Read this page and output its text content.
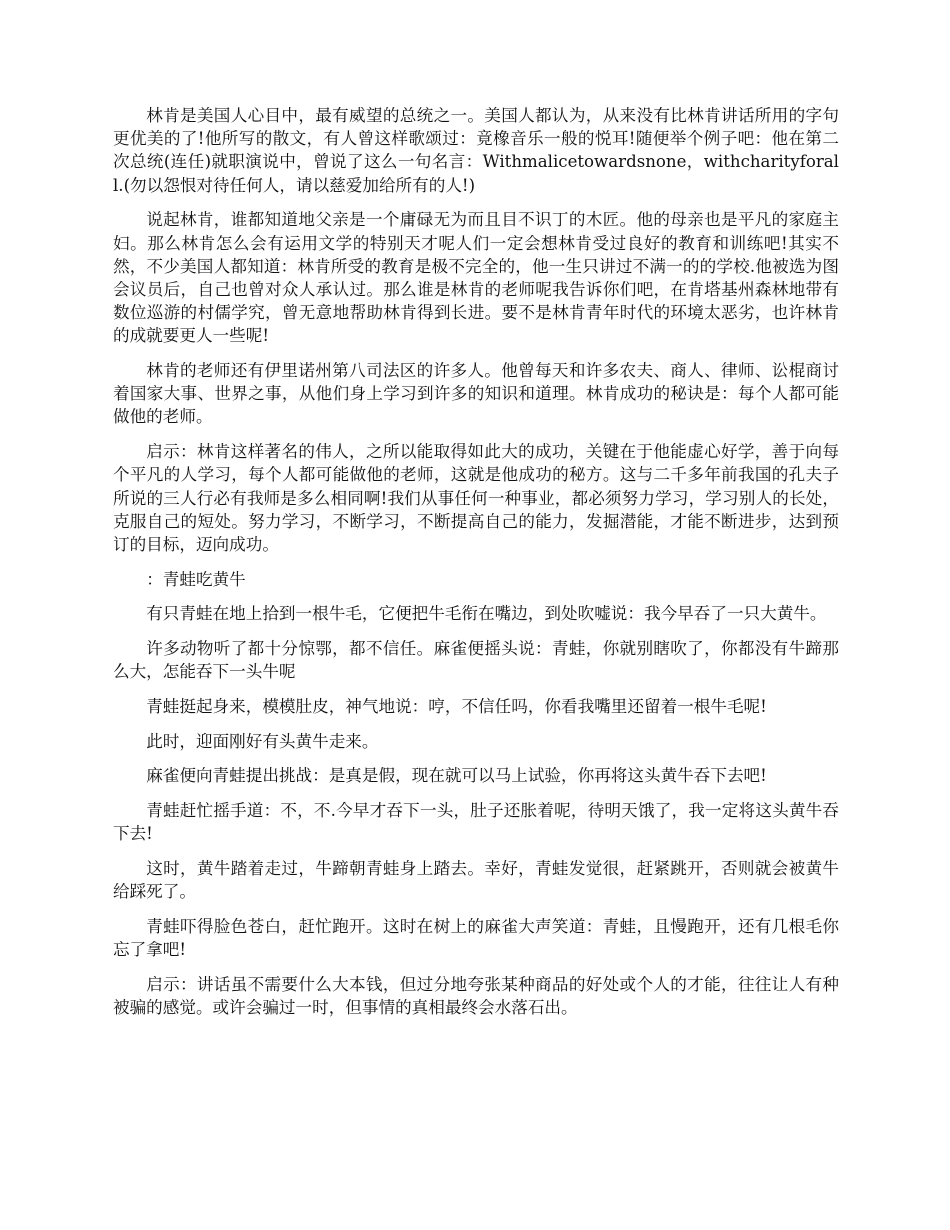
林肯是美国人心目中，最有威望的总统之一。美国人都认为，从来没有比林肯讲话所用的字句更优美的了!他所写的散文，有人曾这样歌颂过：竟橡音乐一般的悦耳!随便举个例子吧：他在第二次总统(连任)就职演说中，曾说了这么一句名言：Withmalicetowardsnone，withcharityforall.(勿以怨恨对待任何人，请以慈爱加给所有的人!)

说起林肯，谁都知道地父亲是一个庸碌无为而且目不识丁的木匠。他的母亲也是平凡的家庭主妇。那么林肯怎么会有运用文学的特别天才呢人们一定会想林肯受过良好的教育和训练吧!其实不然，不少美国人都知道：林肯所受的教育是极不完全的，他一生只讲过不满一的的学校.他被选为图会议员后，自己也曾对众人承认过。那么谁是林肯的老师呢我告诉你们吧，在肯塔基州森林地带有数位巡游的村儒学究，曾无意地帮助林肯得到长进。要不是林肯青年时代的环境太恶劣，也许林肯的成就要更人一些呢!

林肯的老师还有伊里诺州第八司法区的许多人。他曾每天和许多农夫、商人、律师、讼棍商讨着国家大事、世界之事，从他们身上学习到许多的知识和道理。林肯成功的秘诀是：每个人都可能做他的老师。

启示：林肯这样著名的伟人，之所以能取得如此大的成功，关键在于他能虚心好学，善于向每个平凡的人学习，每个人都可能做他的老师，这就是他成功的秘方。这与二千多年前我国的孔夫子所说的三人行必有我师是多么相同啊!我们从事任何一种事业，都必须努力学习，学习别人的长处，克服自己的短处。努力学习，不断学习，不断提高自己的能力，发掘潜能，才能不断进步，达到预订的目标，迈向成功。

：青蛙吃黄牛

有只青蛙在地上拾到一根牛毛，它便把牛毛衔在嘴边，到处吹嘘说：我今早吞了一只大黄牛。

许多动物听了都十分惊鄂，都不信任。麻雀便摇头说：青蛙，你就别瞎吹了，你都没有牛蹄那么大，怎能吞下一头牛呢

青蛙挺起身来，模模肚皮，神气地说：哼，不信任吗，你看我嘴里还留着一根牛毛呢!

此时，迎面刚好有头黄牛走来。

麻雀便向青蛙提出挑战：是真是假，现在就可以马上试验，你再将这头黄牛吞下去吧!

青蛙赶忙摇手道：不，不.今早才吞下一头，肚子还胀着呢，待明天饿了，我一定将这头黄牛吞下去!

这时，黄牛踏着走过，牛蹄朝青蛙身上踏去。幸好，青蛙发觉很，赶紧跳开，否则就会被黄牛给踩死了。

青蛙吓得脸色苍白，赶忙跑开。这时在树上的麻雀大声笑道：青蛙，且慢跑开，还有几根毛你忘了拿吧!

启示：讲话虽不需要什么大本钱，但过分地夸张某种商品的好处或个人的才能，往往让人有种被骗的感觉。或许会骗过一时，但事情的真相最终会水落石出。
